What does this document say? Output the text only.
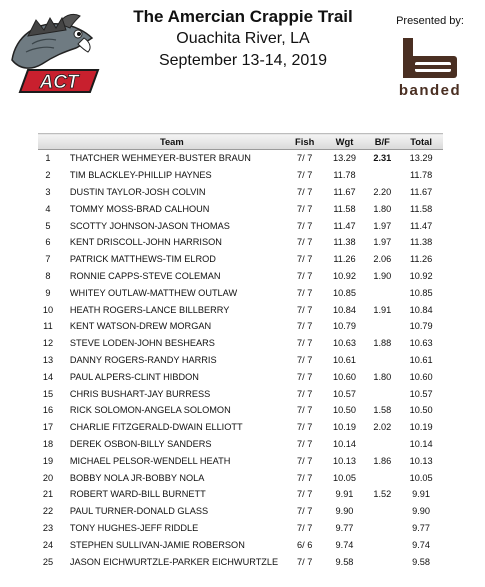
ACT
The Amercian Crappie Trail
Ouachita River, LA
September 13-14, 2019
Presented by:
banded
	Team	Fish	Wgt	B/F	Total
1	THATCHER WEHMEYER-BUSTER BRAUN	7/ 7	13.29	2.31	13.29
2	TIM BLACKLEY-PHILLIP HAYNES	7/ 7	11.78		11.78
3	DUSTIN TAYLOR-JOSH COLVIN	7/ 7	11.67	2.20	11.67
4	TOMMY MOSS-BRAD CALHOUN	7/ 7	11.58	1.80	11.58
5	SCOTTY JOHNSON-JASON THOMAS	7/ 7	11.47	1.97	11.47
6	KENT DRISCOLL-JOHN HARRISON	7/ 7	11.38	1.97	11.38
7	PATRICK MATTHEWS-TIM ELROD	7/ 7	11.26	2.06	11.26
8	RONNIE CAPPS-STEVE COLEMAN	7/ 7	10.92	1.90	10.92
9	WHITEY OUTLAW-MATTHEW OUTLAW	7/ 7	10.85		10.85
10	HEATH ROGERS-LANCE BILLBERRY	7/ 7	10.84	1.91	10.84
11	KENT WATSON-DREW MORGAN	7/ 7	10.79		10.79
12	STEVE LODEN-JOHN BESHEARS	7/ 7	10.63	1.88	10.63
13	DANNY ROGERS-RANDY HARRIS	7/ 7	10.61		10.61
14	PAUL ALPERS-CLINT HIBDON	7/ 7	10.60	1.80	10.60
15	CHRIS BUSHART-JAY BURRESS	7/ 7	10.57		10.57
16	RICK SOLOMON-ANGELA SOLOMON	7/ 7	10.50	1.58	10.50
17	CHARLIE FITZGERALD-DWAIN ELLIOTT	7/ 7	10.19	2.02	10.19
18	DEREK OSBON-BILLY SANDERS	7/ 7	10.14		10.14
19	MICHAEL PELSOR-WENDELL HEATH	7/ 7	10.13	1.86	10.13
20	BOBBY NOLA JR-BOBBY NOLA	7/ 7	10.05		10.05
21	ROBERT WARD-BILL BURNETT	7/ 7	9.91	1.52	9.91
22	PAUL TURNER-DONALD GLASS	7/ 7	9.90		9.90
23	TONY HUGHES-JEFF RIDDLE	7/ 7	9.77		9.77
24	STEPHEN SULLIVAN-JAMIE ROBERSON	6/ 6	9.74		9.74
25	JASON EICHWURTZLE-PARKER EICHWURTZLE	7/ 7	9.58		9.58
